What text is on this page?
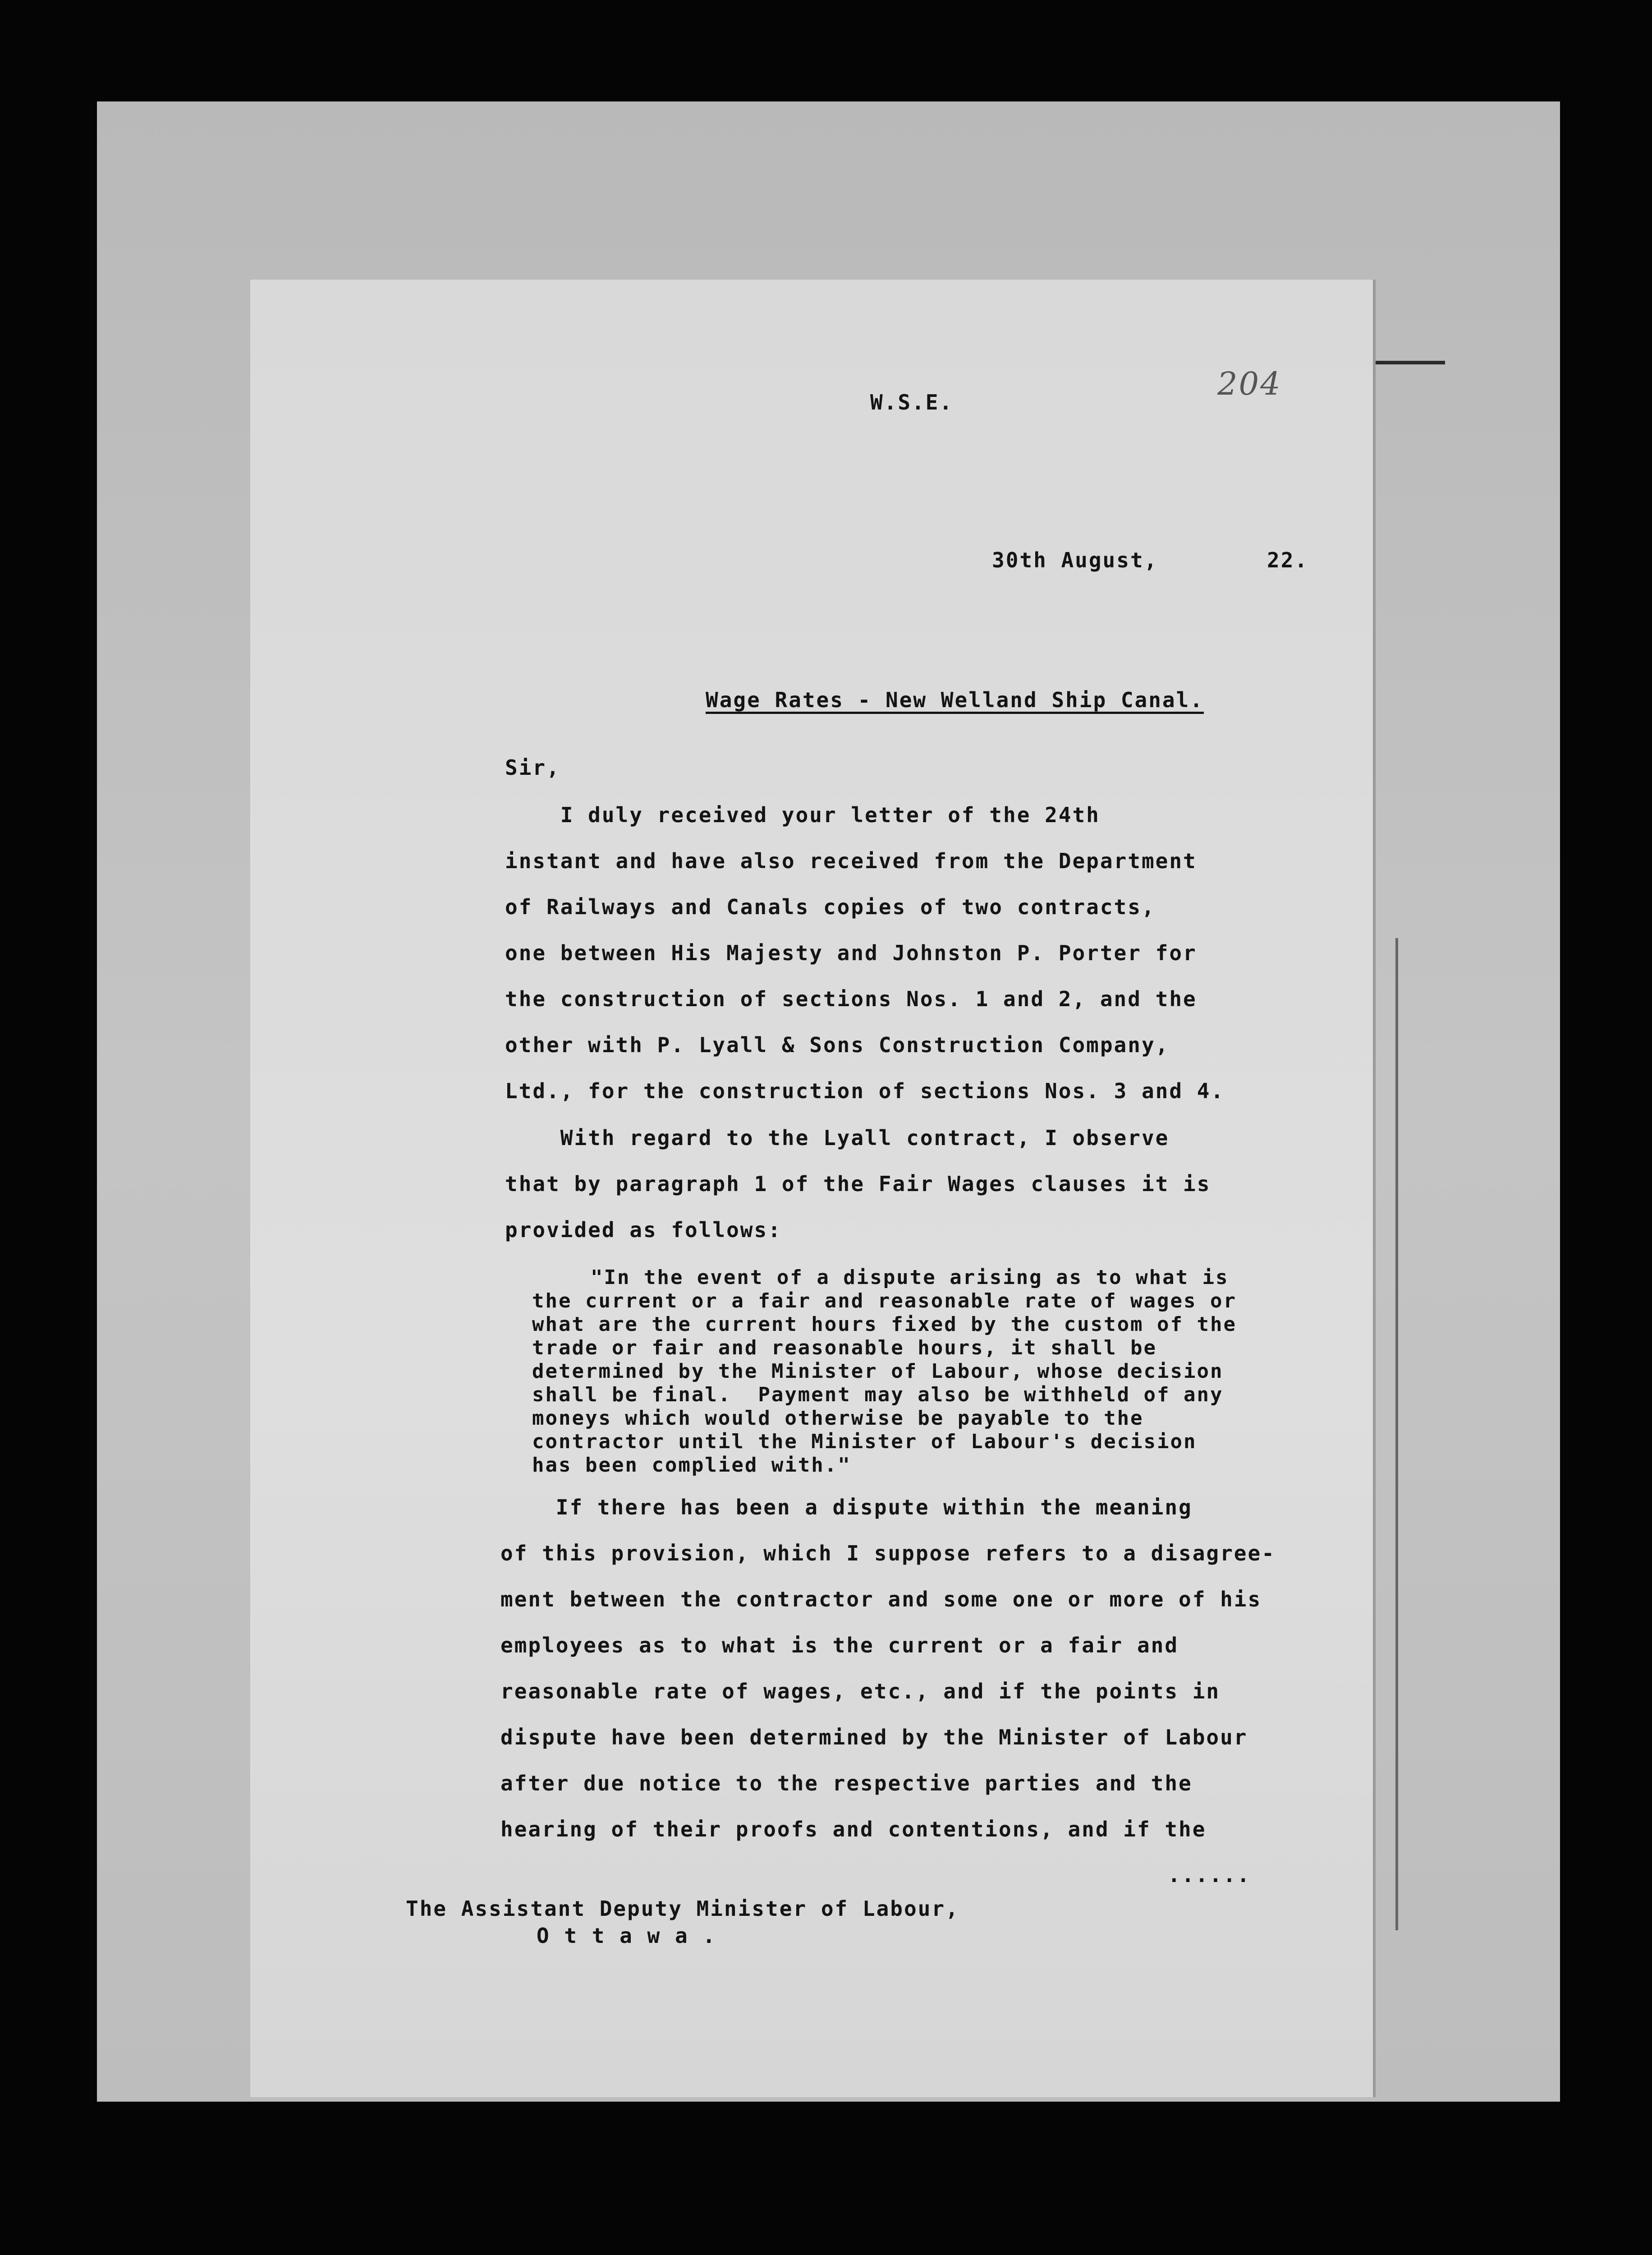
W.S.E.	204
30th August,	22.
Wage Rates - New Welland Ship Canal.
Sir,
I duly received your letter of the 24th
instant and have also received from the Department
of Railways and Canals copies of two contracts,
one between His Majesty and Johnston P. Porter for
the construction of sections Nos. 1 and 2, and the
other with P. Lyall & Sons Construction Company,
Ltd., for the construction of sections Nos. 3 and 4.
With regard to the Lyall contract, I observe
that by paragraph 1 of the Fair Wages clauses it is
provided as follows:
"In the event of a dispute arising as to what is
the current or a fair and reasonable rate of wages or
what are the current hours fixed by the custom of the
trade or fair and reasonable hours, it shall be
determined by the Minister of Labour, whose decision
shall be final.  Payment may also be withheld of any
moneys which would otherwise be payable to the
contractor until the Minister of Labour's decision
has been complied with."
If there has been a dispute within the meaning
of this provision, which I suppose refers to a disagree-
ment between the contractor and some one or more of his
employees as to what is the current or a fair and
reasonable rate of wages, etc., and if the points in
dispute have been determined by the Minister of Labour
after due notice to the respective parties and the
hearing of their proofs and contentions, and if the
......
The Assistant Deputy Minister of Labour,
O t t a w a .
